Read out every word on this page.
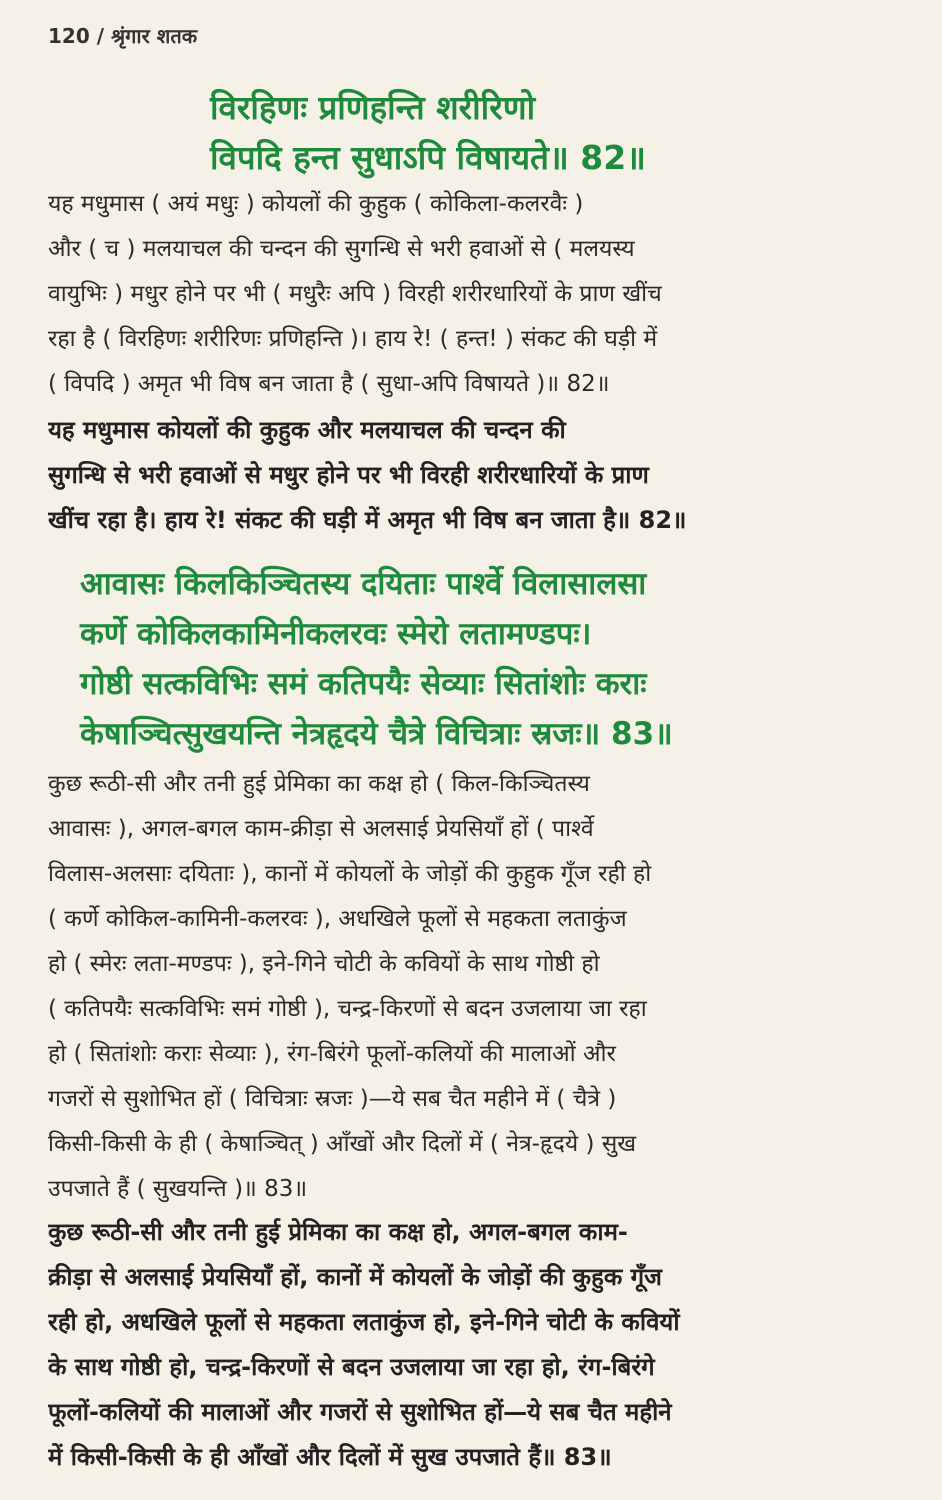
120 / श्रृंगार शतक
विरहिणः प्रणिहन्ति शरीरिणो
विपदि हन्त सुधाऽपि विषायते॥ 82॥
यह मधुमास ( अयं मधुः ) कोयलों की कुहुक ( कोकिला-कलरवैः )
और ( च ) मलयाचल की चन्दन की सुगन्धि से भरी हवाओं से ( मलयस्य
वायुभिः ) मधुर होने पर भी ( मधुरैः अपि ) विरही शरीरधारियों के प्राण खींच
रहा है ( विरहिणः शरीरिणः प्रणिहन्ति )। हाय रे! ( हन्त! ) संकट की घड़ी में
( विपदि ) अमृत भी विष बन जाता है ( सुधा-अपि विषायते )॥ 82॥
यह मधुमास कोयलों की कुहुक और मलयाचल की चन्दन की
सुगन्धि से भरी हवाओं से मधुर होने पर भी विरही शरीरधारियों के प्राण
खींच रहा है। हाय रे! संकट की घड़ी में अमृत भी विष बन जाता है॥ 82॥
आवासः किलकिञ्चितस्य दयिताः पार्श्वे विलासालसा
कर्णे कोकिलकामिनीकलरवः स्मेरो लतामण्डपः।
गोष्ठी सत्कविभिः समं कतिपयैः सेव्याः सितांशोः कराः
केषाञ्चित्सुखयन्ति नेत्रहृदये चैत्रे विचित्राः स्रजः॥ 83॥
कुछ रूठी-सी और तनी हुई प्रेमिका का कक्ष हो ( किल-किञ्चितस्य
आवासः ), अगल-बगल काम-क्रीड़ा से अलसाई प्रेयसियाँ हों ( पार्श्वे
विलास-अलसाः दयिताः ), कानों में कोयलों के जोड़ों की कुहुक गूँज रही हो
( कर्णे कोकिल-कामिनी-कलरवः ), अधखिले फूलों से महकता लताकुंज
हो ( स्मेरः लता-मण्डपः ), इने-गिने चोटी के कवियों के साथ गोष्ठी हो
( कतिपयैः सत्कविभिः समं गोष्ठी ), चन्द्र-किरणों से बदन उजलाया जा रहा
हो ( सितांशोः कराः सेव्याः ), रंग-बिरंगे फूलों-कलियों की मालाओं और
गजरों से सुशोभित हों ( विचित्राः स्रजः )—ये सब चैत महीने में ( चैत्रे )
किसी-किसी के ही ( केषाञ्चित् ) आँखों और दिलों में ( नेत्र-हृदये ) सुख
उपजाते हैं ( सुखयन्ति )॥ 83॥
कुछ रूठी-सी और तनी हुई प्रेमिका का कक्ष हो, अगल-बगल काम-
क्रीड़ा से अलसाई प्रेयसियाँ हों, कानों में कोयलों के जोड़ों की कुहुक गूँज
रही हो, अधखिले फूलों से महकता लताकुंज हो, इने-गिने चोटी के कवियों
के साथ गोष्ठी हो, चन्द्र-किरणों से बदन उजलाया जा रहा हो, रंग-बिरंगे
फूलों-कलियों की मालाओं और गजरों से सुशोभित हों—ये सब चैत महीने
में किसी-किसी के ही आँखों और दिलों में सुख उपजाते हैं॥ 83॥
